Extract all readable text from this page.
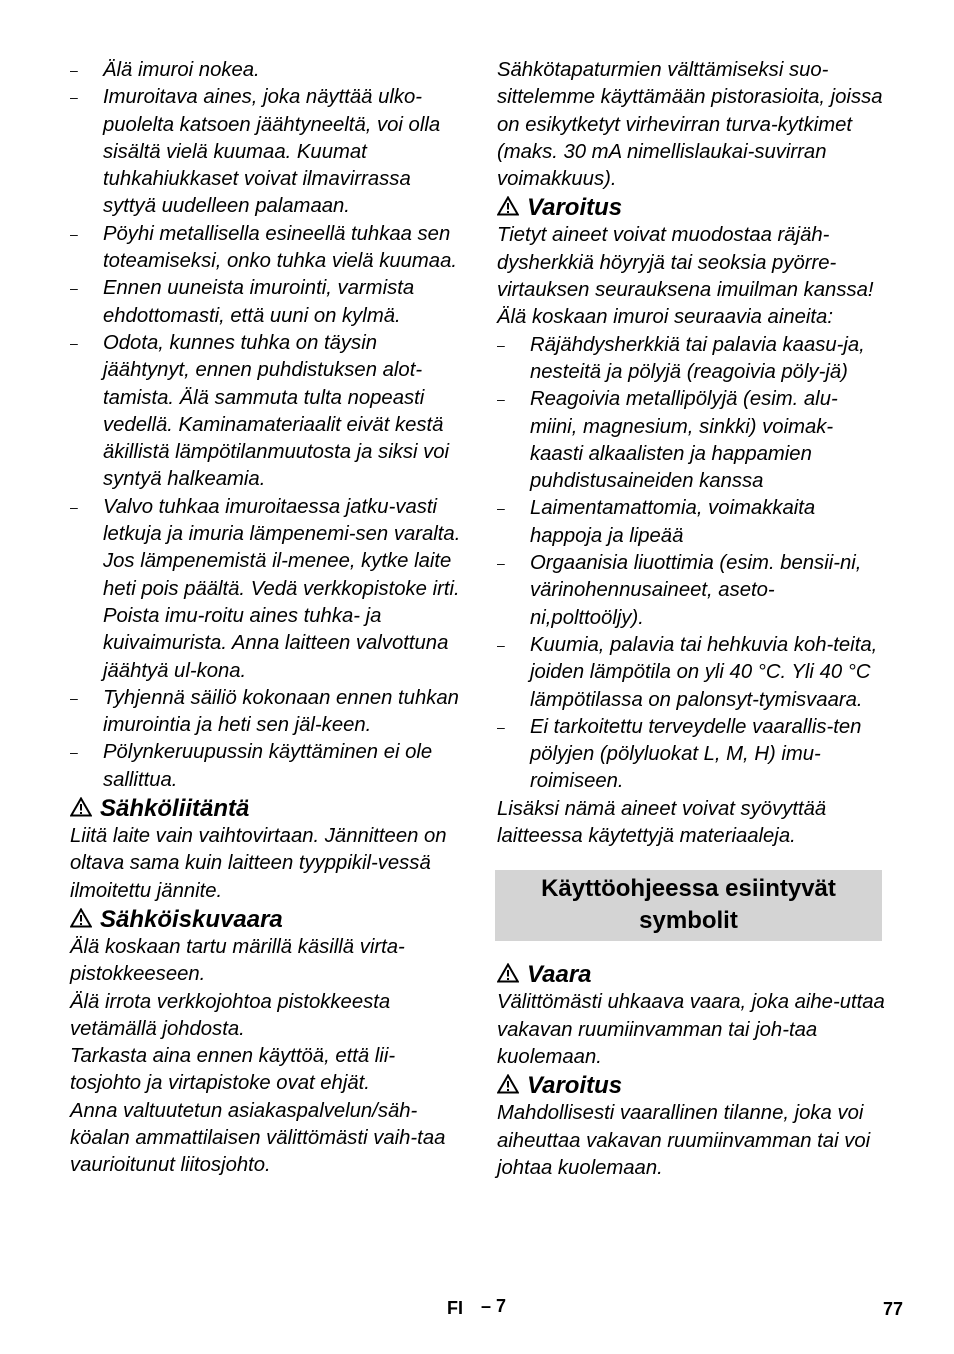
– Älä imuroi nokea.
– Imuroitava aines, joka näyttää ulko-puolelta katsoen jäähtyneeltä, voi olla sisältä vielä kuumaa. Kuumat tuhkahiukkaset voivat ilmavirrassa syttyä uudelleen palamaan.
– Pöyhi metallisella esineellä tuhkaa sen toteamiseksi, onko tuhka vielä kuumaa.
– Ennen uuneista imurointi, varmista ehdottomasti, että uuni on kylmä.
– Odota, kunnes tuhka on täysin jäähtynyt, ennen puhdistuksen alot-tamista. Älä sammuta tulta nopeasti vedellä. Kaminamateriaalit eivät kestä äkillistä lämpötilanmuutosta ja siksi voi syntyä halkeamia.
– Valvo tuhkaa imuroitaessa jatku-vasti letkuja ja imuria lämpenemi-sen varalta. Jos lämpenemistä il-menee, kytke laite heti pois päältä. Vedä verkkopistoke irti. Poista imu-roitu aines tuhka- ja kuivaimurista. Anna laitteen valvottuna jäähtyä ul-kona.
– Tyhjennä säiliö kokonaan ennen tuhkan imurointia ja heti sen jäl-keen.
– Pölynkeruupussin käyttäminen ei ole sallittua.
Sähköliitäntä

Liitä laite vain vaihtovirtaan. Jännitteen on oltava sama kuin laitteen tyyppikil-vessä ilmoitettu jännite.

Sähköiskuvaara

Älä koskaan tartu märillä käsillä virta-pistokkeeseen.

Älä irrota verkkojohtoa pistokkeesta vetämällä johdosta.

Tarkasta aina ennen käyttöä, että lii-tosjohto ja virtapistoke ovat ehjät.

Anna valtuutetun asiakaspalvelun/säh-köalan ammattilaisen välittömästi vaih-taa vaurioitunut liitosjohto.

Sähkötapaturmien välttämiseksi suo-sittelemme käyttämään pistorasioita, joissa on esikytketyt virhevirran turva-kytkimet (maks. 30 mA nimellislaukai-suvirran voimakkuus).

Varoitus

Tietyt aineet voivat muodostaa räjäh-dysherkkiä höyryjä tai seoksia pyörre-virtauksen seurauksena imuilman kanssa!

Älä koskaan imuroi seuraavia aineita:

– Räjähdysherkkiä tai palavia kaasu-ja, nesteitä ja pölyjä (reagoivia pöly-jä)
– Reagoivia metallipölyjä (esim. alu-miini, magnesium, sinkki) voimak-kaasti alkaalisten ja happamien puhdistusaineiden kanssa
– Laimentamattomia, voimakkaita happoja ja lipeää
– Orgaanisia liuottimia (esim. bensii-ni, värinohennusaineet, aseto-ni,polttoöljy).
– Kuumia, palavia tai hehkuvia koh-teita, joiden lämpötila on yli 40 °C. Yli 40 °C lämpötilassa on palonsyt-tymisvaara.
– Ei tarkoitettu terveydelle vaarallis-ten pölyjen (pölyluokat L, M, H) imu-roimiseen.

Lisäksi nämä aineet voivat syövyttää laitteessa käytettyjä materiaaleja.

Käyttöohjeessa esiintyvät symbolit
Vaara

Välittömästi uhkaava vaara, joka aihe-uttaa vakavan ruumiinvamman tai joh-taa kuolemaan.

Varoitus

Mahdollisesti vaarallinen tilanne, joka voi aiheuttaa vakavan ruumiinvamman tai voi johtaa kuolemaan.

FI – 7	77
